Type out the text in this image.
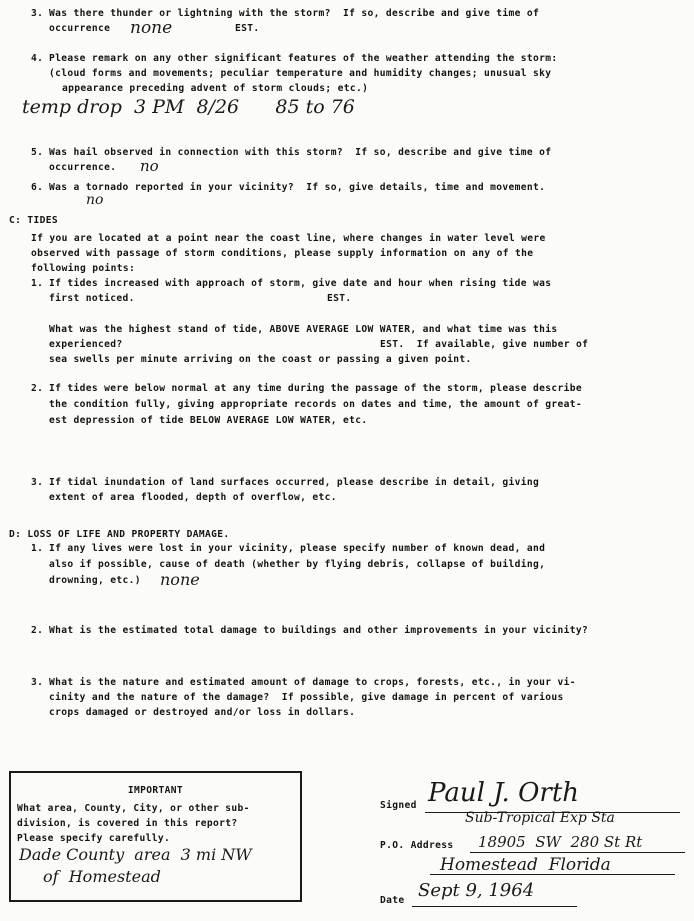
3. Was there thunder or lightning with the storm?  If so, describe and give time of
occurrence none	EST.
4. Please remark on any other significant features of the weather attending the storm:
(cloud forms and movements; peculiar temperature and humidity changes; unusual sky
appearance preceding advent of storm clouds; etc.)
temp drop  3 PM  8/26      85 to 76
5. Was hail observed in connection with this storm?  If so, describe and give time of
occurrence. no
6. Was a tornado reported in your vicinity?  If so, give details, time and movement.
no
C: TIDES
If you are located at a point near the coast line, where changes in water level were
observed with passage of storm conditions, please supply information on any of the
following points:
1. If tides increased with approach of storm, give date and hour when rising tide was
first noticed.	EST.
What was the highest stand of tide, ABOVE AVERAGE LOW WATER, and what time was this
experienced?	EST.  If available, give number of
sea swells per minute arriving on the coast or passing a given point.
2. If tides were below normal at any time during the passage of the storm, please describe
the condition fully, giving appropriate records on dates and time, the amount of great-
est depression of tide BELOW AVERAGE LOW WATER, etc.
3. If tidal inundation of land surfaces occurred, please describe in detail, giving
extent of area flooded, depth of overflow, etc.
D: LOSS OF LIFE AND PROPERTY DAMAGE.
1. If any lives were lost in your vicinity, please specify number of known dead, and
also if possible, cause of death (whether by flying debris, collapse of building,
drowning, etc.) none
2. What is the estimated total damage to buildings and other improvements in your vicinity?
3. What is the nature and estimated amount of damage to crops, forests, etc., in your vi-
cinity and the nature of the damage?  If possible, give damage in percent of various
crops damaged or destroyed and/or loss in dollars.
IMPORTANT
What area, County, City, or other sub-
division, is covered in this report?
Please specify carefully.
Dade County  area  3 mi NW
of  Homestead
Signed Paul J. Orth
Sub-Tropical Exp Sta
P.O. Address 18905  SW  280 St Rt
Homestead  Florida
Date Sept 9, 1964
